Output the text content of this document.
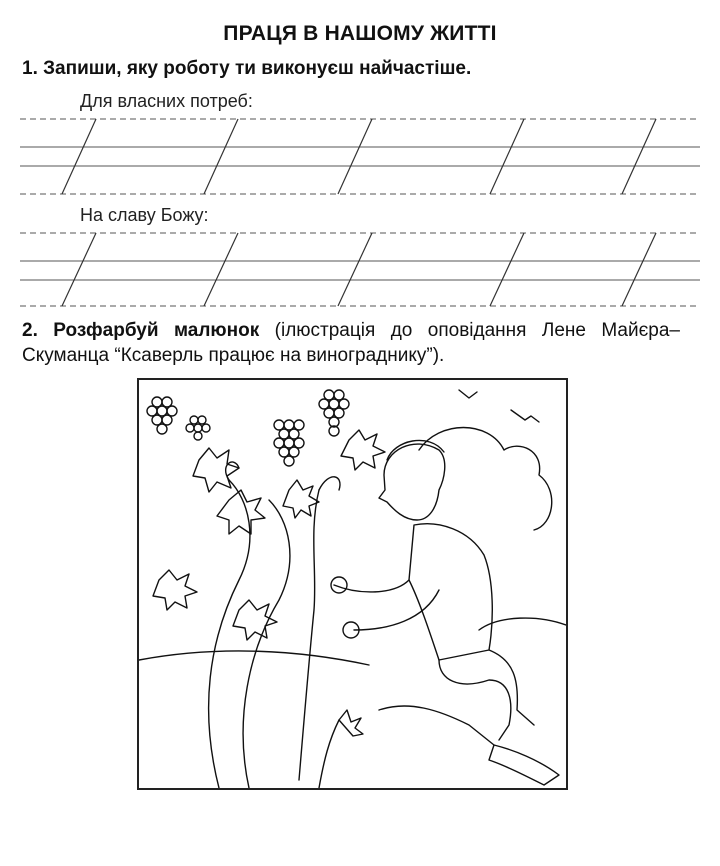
ПРАЦЯ В НАШОМУ ЖИТТІ
1. Запиши, яку роботу ти виконуєш найчастіше.
Для власних потреб:
На славу Божу:
2. Розфарбуй малюнок (ілюстрація до оповідання Лене Майєра–Скуманца “Ксаверль працює на винограднику”).
